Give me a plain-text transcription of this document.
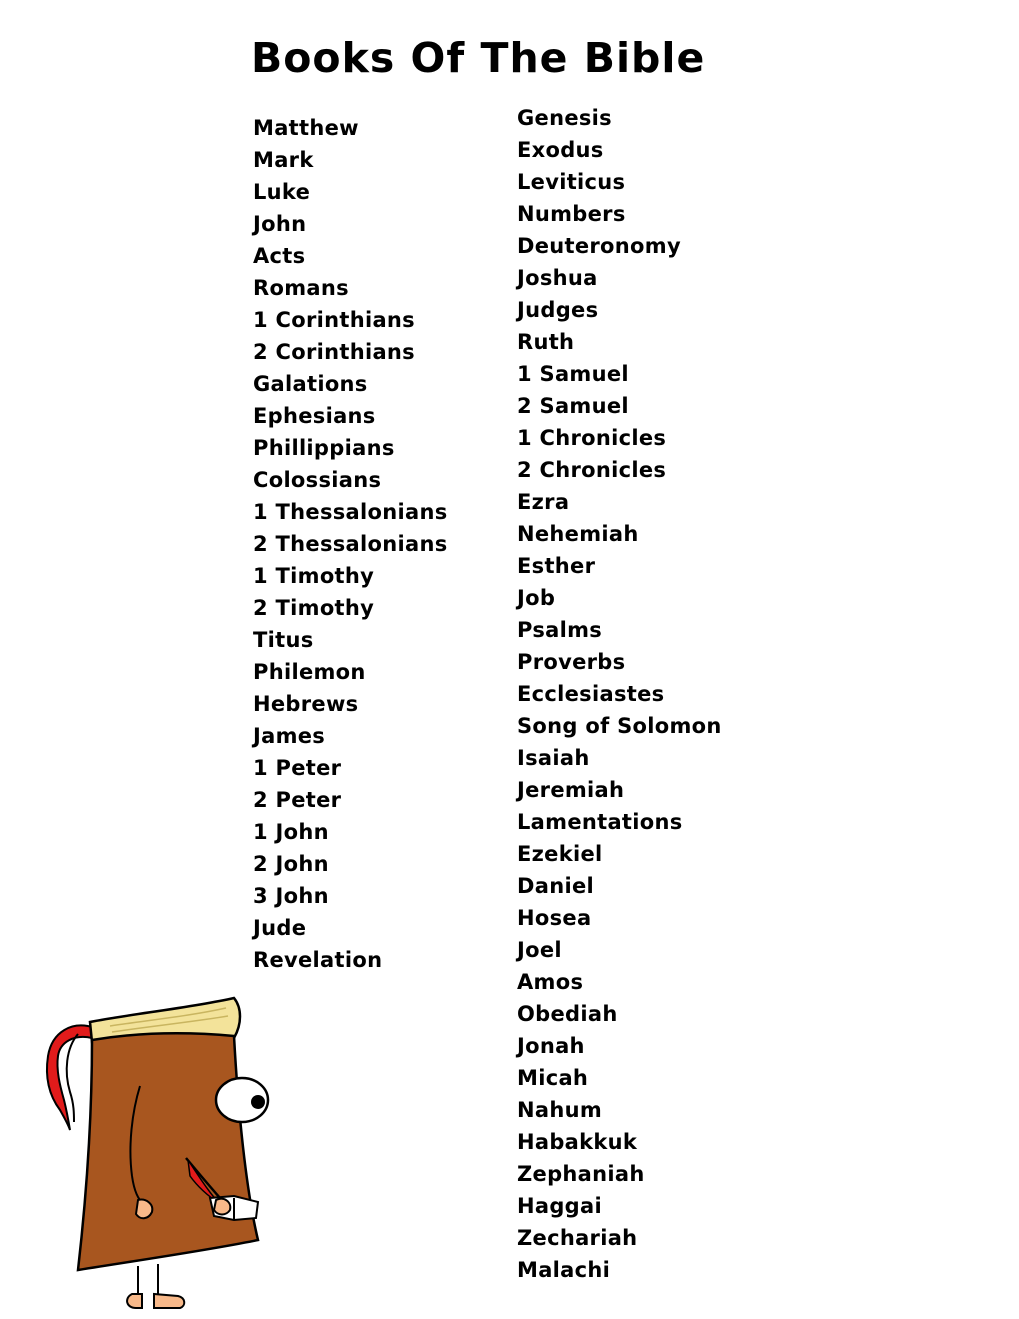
Books Of The Bible
Matthew
Mark
Luke
John
Acts
Romans
1 Corinthians
2 Corinthians
Galations
Ephesians
Phillippians
Colossians
1 Thessalonians
2 Thessalonians
1 Timothy
2 Timothy
Titus
Philemon
Hebrews
James
1 Peter
2 Peter
1 John
2 John
3 John
Jude
Revelation
Genesis
Exodus
Leviticus
Numbers
Deuteronomy
Joshua
Judges
Ruth
1 Samuel
2 Samuel
1 Chronicles
2 Chronicles
Ezra
Nehemiah
Esther
Job
Psalms
Proverbs
Ecclesiastes
Song of Solomon
Isaiah
Jeremiah
Lamentations
Ezekiel
Daniel
Hosea
Joel
Amos
Obediah
Jonah
Micah
Nahum
Habakkuk
Zephaniah
Haggai
Zechariah
Malachi
